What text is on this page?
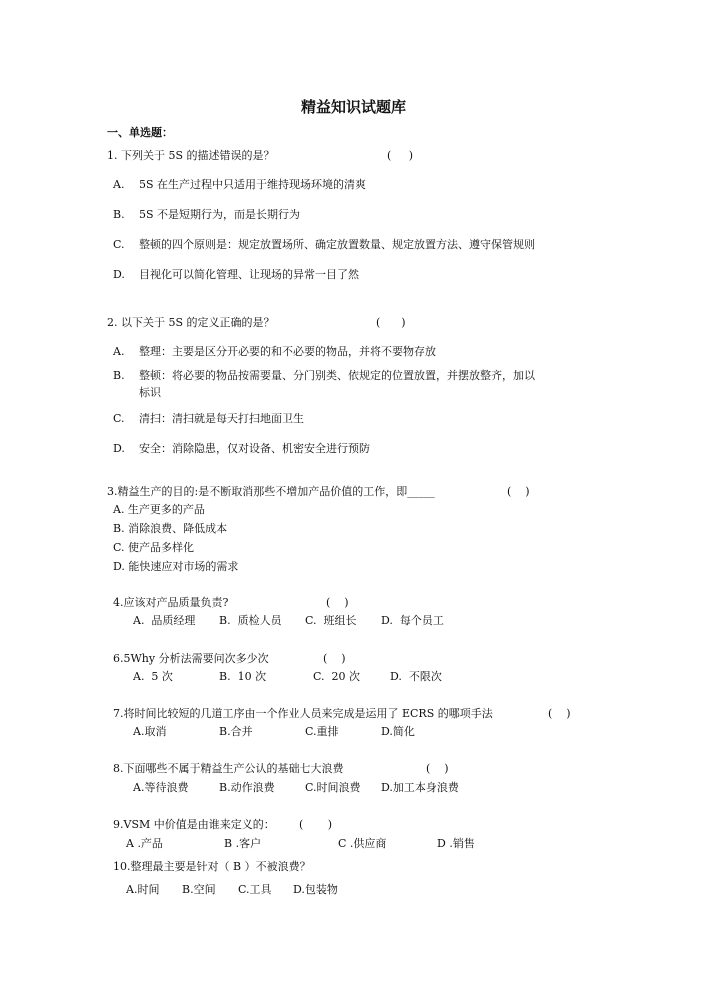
精益知识试题库
一、单选题：
1. 下列关于 5S 的描述错误的是？	(     )
A. 5S 在生产过程中只适用于维持现场环境的清爽
B. 5S 不是短期行为，而是长期行为
C. 整顿的四个原则是：规定放置场所、确定放置数量、规定放置方法、遵守保管规则
D. 目视化可以简化管理、让现场的异常一目了然
2. 以下关于 5S 的定义正确的是？	(      )
A. 整理：主要是区分开必要的和不必要的物品，并将不要物存放
B. 整顿：将必要的物品按需要量、分门别类、依规定的位置放置，并摆放整齐，加以
标识
C. 清扫：清扫就是每天打扫地面卫生
D. 安全：消除隐患，仅对设备、机密安全进行预防
3.精益生产的目的:是不断取消那些不增加产品价值的工作，即_____	(    )
A. 生产更多的产品
B. 消除浪费、降低成本
C. 使产品多样化
D. 能快速应对市场的需求
4.应该对产品质量负责?	(    )
A.  品质经理 B.  质检人员 C.  班组长 D.  每个员工
6.5Why 分析法需要问次多少次	(    )
A.  5 次	B.  10 次	C.  20 次	D.  不限次
7.将时间比较短的几道工序由一个作业人员来完成是运用了 ECRS 的哪项手法	(    )
A.取消	B.合并	C.重排	D.简化
8.下面哪些不属于精益生产公认的基础七大浪费	(    )
A.等待浪费	B.动作浪费	C.时间浪费 D.加工本身浪费
9.VSM 中价值是由谁来定义的： (       )
A .产品	B .客户	C .供应商	D .销售
10.整理最主要是针对（ B ）不被浪费？
A.时间 B.空间 C.工具 D.包装物
